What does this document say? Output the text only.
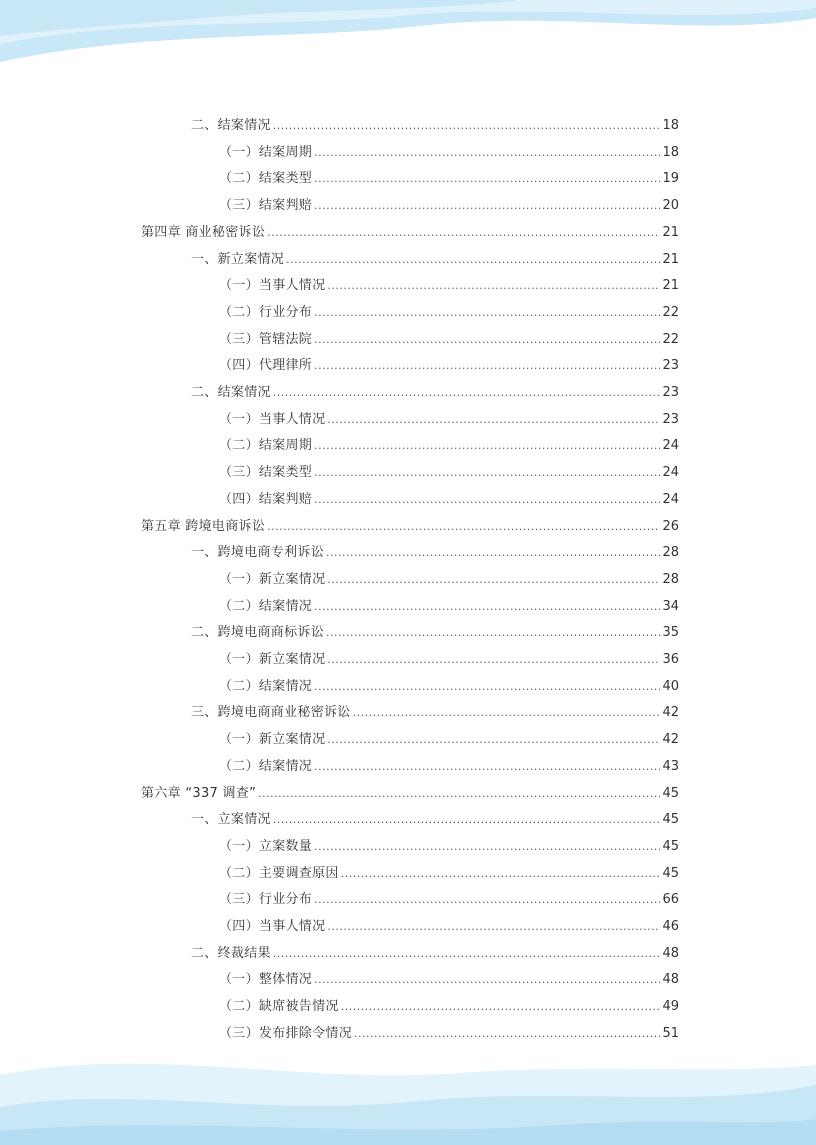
二、结案情况 .....	18
（一）结案周期 .....	18
（二）结案类型 .....	19
（三）结案判赔 .....	20
第四章 商业秘密诉讼 .....	21
一、新立案情况 .....	21
（一）当事人情况 .....	21
（二）行业分布 .....	22
（三）管辖法院 .....	22
（四）代理律所 .....	23
二、结案情况 .....	23
（一）当事人情况 .....	23
（二）结案周期 .....	24
（三）结案类型 .....	24
（四）结案判赔 .....	24
第五章 跨境电商诉讼 .....	26
一、跨境电商专利诉讼 .....	28
（一）新立案情况 .....	28
（二）结案情况 .....	34
二、跨境电商商标诉讼 .....	35
（一）新立案情况 .....	36
（二）结案情况 .....	40
三、跨境电商商业秘密诉讼 .....	42
（一）新立案情况 .....	42
（二）结案情况 .....	43
第六章 “337 调查” .....	45
一、立案情况 .....	45
（一）立案数量 .....	45
（二）主要调查原因 .....	45
（三）行业分布 .....	66
（四）当事人情况 .....	46
二、终裁结果 .....	48
（一）整体情况 .....	48
（二）缺席被告情况 .....	49
（三）发布排除令情况 .....	51
